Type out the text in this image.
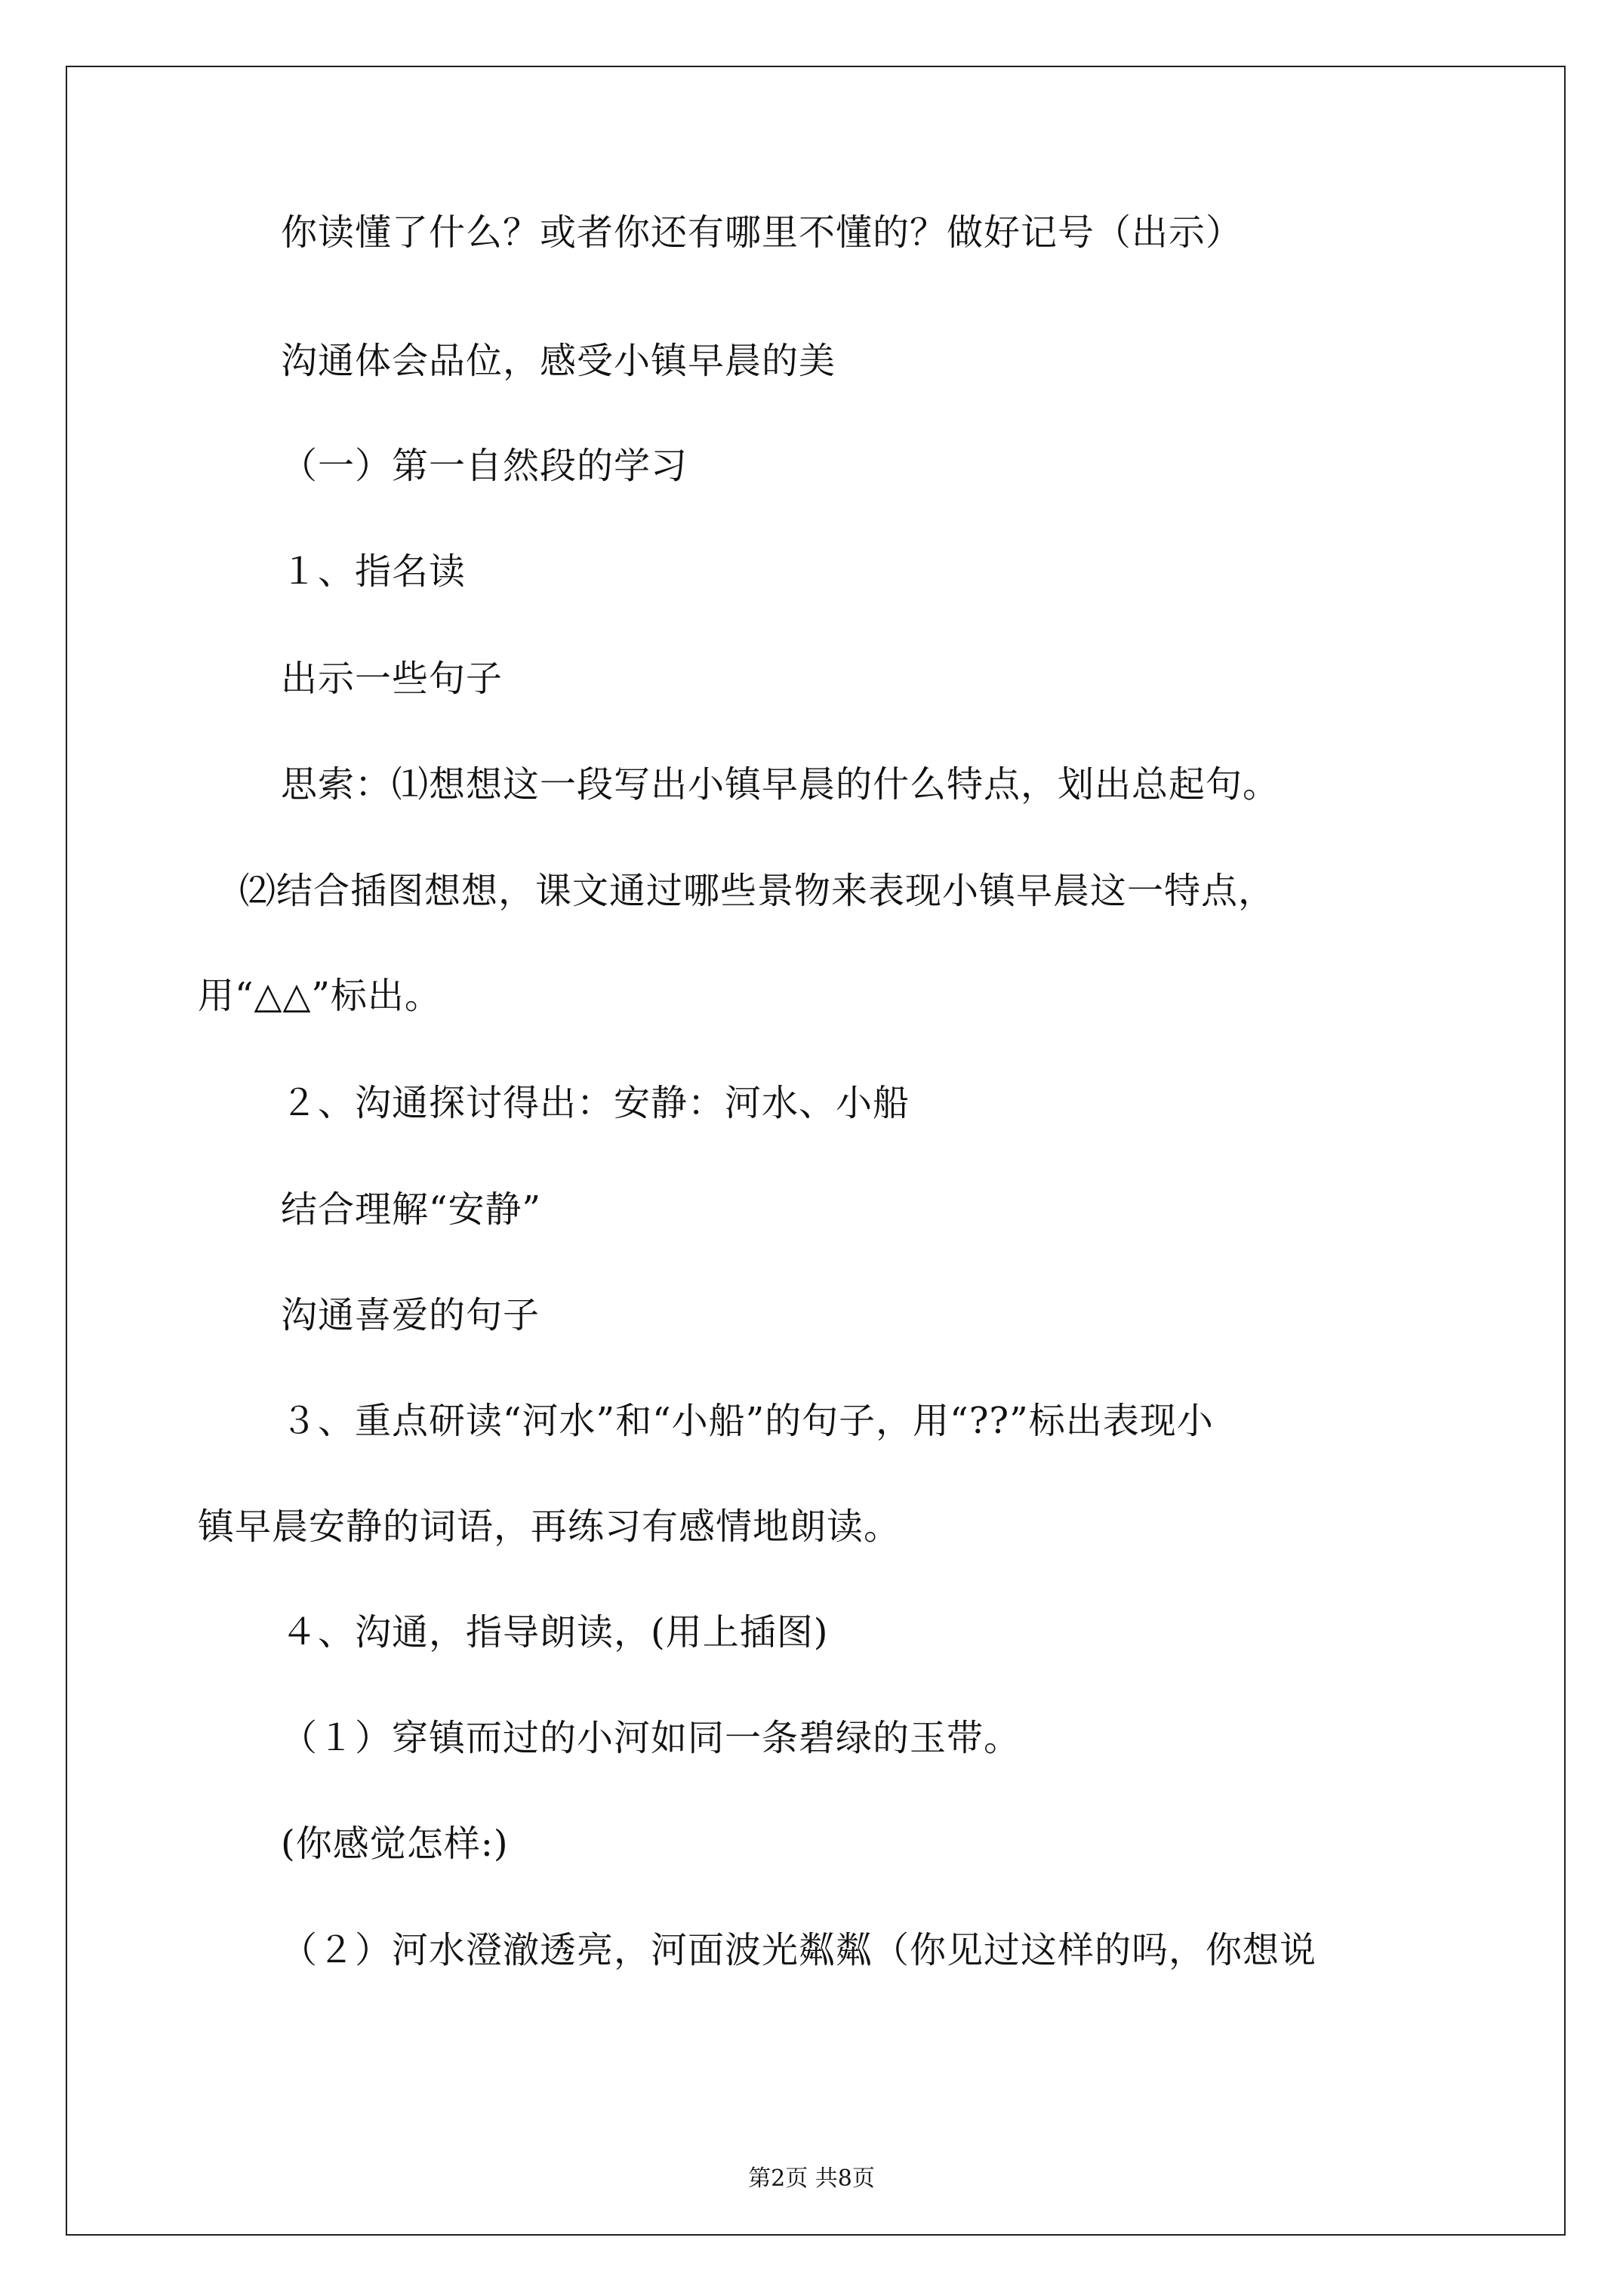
你读懂了什么？或者你还有哪里不懂的？做好记号（出示）
沟通体会品位，感受小镇早晨的美
（一）第一自然段的学习
１、指名读
出示一些句子
思索：⑴想想这一段写出小镇早晨的什么特点，划出总起句。
⑵结合插图想想，课文通过哪些景物来表现小镇早晨这一特点，
用“△△”标出。
２、沟通探讨得出：安静：河水、小船
结合理解“安静”
沟通喜爱的句子
３、重点研读“河水”和“小船”的句子，用“??”标出表现小
镇早晨安静的词语，再练习有感情地朗读。
４、沟通，指导朗读，(用上插图)
（１）穿镇而过的小河如同一条碧绿的玉带。
(你感觉怎样:)
（２）河水澄澈透亮，河面波光粼粼（你见过这样的吗，你想说
第2页 共8页
